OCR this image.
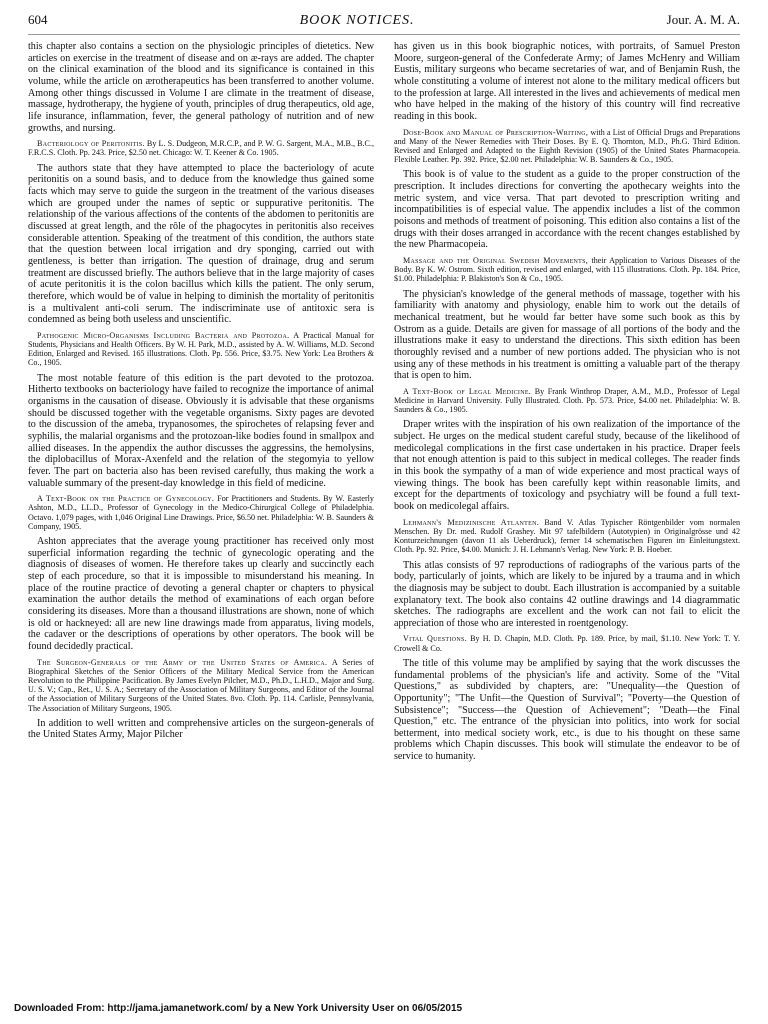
604	BOOK NOTICES.	Jour. A. M. A.

this chapter also contains a section on the physiologic principles of dietetics. New articles on exercise in the treatment of disease and on æ-rays are added. The chapter on the clinical examination of the blood and its significance is contained in this volume, while the article on ærotherapeutics has been transferred to another volume. Among other things discussed in Volume I are climate in the treatment of disease, massage, hydrotherapy, the hygiene of youth, principles of drug therapeutics, old age, life insurance, inflammation, fever, the general pathology of nutrition and of new growths, and nursing.

Bacteriology of Peritonitis. By L. S. Dudgeon, M.R.C.P., and P. W. G. Sargent, M.A., M.B., B.C., F.R.C.S. Cloth. Pp. 243. Price, $2.50 net. Chicago: W. T. Keener & Co. 1905.

The authors state that they have attempted to place the bacteriology of acute peritonitis on a sound basis, and to deduce from the knowledge thus gained some facts which may serve to guide the surgeon in the treatment of the various diseases which are grouped under the names of septic or suppurative peritonitis. The relationship of the various affections of the contents of the abdomen to peritonitis are discussed at great length, and the rôle of the phagocytes in peritonitis also receives considerable attention. Speaking of the treatment of this condition, the authors state that the question between local irrigation and dry sponging, carried out with gentleness, is better than irrigation. The question of drainage, drug and serum treatment are discussed briefly. The authors believe that in the large majority of cases of acute peritonitis it is the colon bacillus which kills the patient. The only serum, therefore, which would be of value in helping to diminish the mortality of peritonitis is a multivalent anti-coli serum. The indiscriminate use of antitoxic sera is condemned as being both useless and unscientific.

Pathogenic Micro-Organisms Including Bacteria and Protozoa. A Practical Manual for Students, Physicians and Health Officers. By W. H. Park, M.D., assisted by A. W. Williams, M.D. Second Edition, Enlarged and Revised. 165 illustrations. Cloth. Pp. 556. Price, $3.75. New York: Lea Brothers & Co., 1905.

The most notable feature of this edition is the part devoted to the protozoa. Hitherto textbooks on bacteriology have failed to recognize the importance of animal organisms in the causation of disease. Obviously it is advisable that these organisms should be discussed together with the vegetable organisms. Sixty pages are devoted to the discussion of the ameba, trypanosomes, the spirochetes of relapsing fever and syphilis, the malarial organisms and the protozoan-like bodies found in smallpox and allied diseases. In the appendix the author discusses the aggressins, the hemolysins, the diplobacillus of Morax-Axenfeld and the relation of the stegomyia to yellow fever. The part on bacteria also has been revised carefully, thus making the work a valuable summary of the present-day knowledge in this field of medicine.

A Text-Book on the Practice of Gynecology. For Practitioners and Students. By W. Easterly Ashton, M.D., LL.D., Professor of Gynecology in the Medico-Chirurgical College of Philadelphia. Octavo. 1,079 pages, with 1,046 Original Line Drawings. Price, $6.50 net. Philadelphia: W. B. Saunders & Company, 1905.

Ashton appreciates that the average young practitioner has received only most superficial information regarding the technic of gynecologic operating and the diagnosis of diseases of women. He therefore takes up clearly and succinctly each step of each procedure, so that it is impossible to misunderstand his meaning. In place of the routine practice of devoting a general chapter or chapters to physical examination the author details the method of examinations of each organ before considering its diseases. More than a thousand illustrations are shown, none of which is old or hackneyed: all are new line drawings made from apparatus, living models, the cadaver or the descriptions of operations by other operators. The book will be found decidedly practical.

The Surgeon-Generals of the Army of the United States of America. A Series of Biographical Sketches of the Senior Officers of the Military Medical Service from the American Revolution to the Philippine Pacification. By James Evelyn Pilcher, M.D., Ph.D., L.H.D., Major and Surg. U. S. V.; Cap., Ret., U. S. A.; Secretary of the Association of Military Surgeons, and Editor of the Journal of the Association of Military Surgeons of the United States. 8vo. Cloth. Pp. 114. Carlisle, Pennsylvania, The Association of Military Surgeons, 1905.

In addition to well written and comprehensive articles on the surgeon-generals of the United States Army, Major Pilcher

has given us in this book biographic notices, with portraits, of Samuel Preston Moore, surgeon-general of the Confederate Army; of James McHenry and William Eustis, military surgeons who became secretaries of war, and of Benjamin Rush, the whole constituting a volume of interest not alone to the military medical officers but to the profession at large. All interested in the lives and achievements of medical men who have helped in the making of the history of this country will find recreative reading in this book.

Dose-Book and Manual of Prescription-Writing, with a List of Official Drugs and Preparations and Many of the Newer Remedies with Their Doses. By E. Q. Thornton, M.D., Ph.G. Third Edition. Revised and Enlarged and Adapted to the Eighth Revision (1905) of the United States Pharmacopeia. Flexible Leather. Pp. 392. Price, $2.00 net. Philadelphia: W. B. Saunders & Co., 1905.

This book is of value to the student as a guide to the proper construction of the prescription. It includes directions for converting the apothecary weights into the metric system, and vice versa. That part devoted to prescription writing and incompatibilities is of especial value. The appendix includes a list of the common poisons and methods of treatment of poisoning. This edition also contains a list of the drugs with their doses arranged in accordance with the recent changes established by the new Pharmacopeia.

Massage and the Original Swedish Movements, their Application to Various Diseases of the Body. By K. W. Ostrom. Sixth edition, revised and enlarged, with 115 illustrations. Cloth. Pp. 184. Price, $1.00. Philadelphia: P. Blakiston's Son & Co., 1905.

The physician's knowledge of the general methods of massage, together with his familiarity with anatomy and physiology, enable him to work out the details of mechanical treatment, but he would far better have some such book as this by Ostrom as a guide. Details are given for massage of all portions of the body and the illustrations make it easy to understand the directions. This sixth edition has been thoroughly revised and a number of new portions added. The physician who is not using any of these methods in his treatment is omitting a valuable part of the therapy that is open to him.

A Text-Book of Legal Medicine. By Frank Winthrop Draper, A.M., M.D., Professor of Legal Medicine in Harvard University. Fully Illustrated. Cloth. Pp. 573. Price, $4.00 net. Philadelphia: W. B. Saunders & Co., 1905.

Draper writes with the inspiration of his own realization of the importance of the subject. He urges on the medical student careful study, because of the likelihood of medicolegal complications in the first case undertaken in his practice. Draper feels that not enough attention is paid to this subject in medical colleges. The reader finds in this book the sympathy of a man of wide experience and most practical ways of viewing things. The book has been carefully kept within reasonable limits, and except for the departments of toxicology and psychiatry will be found a full text-book on medicolegal affairs.

Lehmann's Medizinische Atlanten. Band V. Atlas Typischer Röntgenbilder vom normalen Menschen. By Dr. med. Rudolf Grashey. Mit 97 tafelbildern (Autotypien) in Originalgrösse und 42 Konturzeichnungen (davon 11 als Ueberdruck), ferner 14 schematischen Figuren im Einleitungstext. Cloth. Pp. 92. Price, $4.00. Munich: J. H. Lehmann's Verlag. New York: P. B. Hoeber.

This atlas consists of 97 reproductions of radiographs of the various parts of the body, particularly of joints, which are likely to be injured by a trauma and in which the diagnosis may be subject to doubt. Each illustration is accompanied by a suitable explanatory text. The book also contains 42 outline drawings and 14 diagrammatic sketches. The radiographs are excellent and the work can not fail to elicit the appreciation of those who are interested in roentgenology.

Vital Questions. By H. D. Chapin, M.D. Cloth. Pp. 189. Price, by mail, $1.10. New York: T. Y. Crowell & Co.

The title of this volume may be amplified by saying that the work discusses the fundamental problems of the physician's life and activity. Some of the "Vital Questions," as subdivided by chapters, are: "Unequality—the Question of Opportunity"; "The Unfit—the Question of Survival"; "Poverty—the Question of Subsistence"; "Success—the Question of Achievement"; "Death—the Final Question," etc. The entrance of the physician into politics, into work for social betterment, into medical society work, etc., is due to his thought on these same problems which Chapin discusses. This book will stimulate the endeavor to be of service to humanity.

Downloaded From: http://jama.jamanetwork.com/ by a New York University User on 06/05/2015
